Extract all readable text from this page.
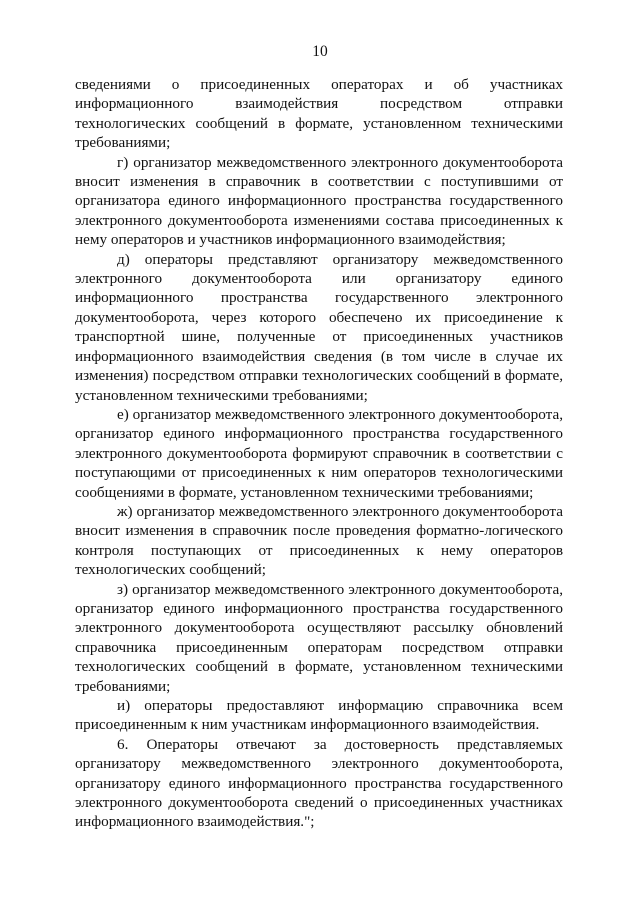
10

сведениями о присоединенных операторах и об участниках информационного взаимодействия посредством отправки технологических сообщений в формате, установленном техническими требованиями;

г) организатор межведомственного электронного документооборота вносит изменения в справочник в соответствии с поступившими от организатора единого информационного пространства государственного электронного документооборота изменениями состава присоединенных к нему операторов и участников информационного взаимодействия;

д) операторы представляют организатору межведомственного электронного документооборота или организатору единого информационного пространства государственного электронного документооборота, через которого обеспечено их присоединение к транспортной шине, полученные от присоединенных участников информационного взаимодействия сведения (в том числе в случае их изменения) посредством отправки технологических сообщений в формате, установленном техническими требованиями;

е) организатор межведомственного электронного документооборота, организатор единого информационного пространства государственного электронного документооборота формируют справочник в соответствии с поступающими от присоединенных к ним операторов технологическими сообщениями в формате, установленном техническими требованиями;

ж) организатор межведомственного электронного документооборота вносит изменения в справочник после проведения форматно-логического контроля поступающих от присоединенных к нему операторов технологических сообщений;

з) организатор межведомственного электронного документооборота, организатор единого информационного пространства государственного электронного документооборота осуществляют рассылку обновлений справочника присоединенным операторам посредством отправки технологических сообщений в формате, установленном техническими требованиями;

и) операторы предоставляют информацию справочника всем присоединенным к ним участникам информационного взаимодействия.

6. Операторы отвечают за достоверность представляемых организатору межведомственного электронного документооборота, организатору единого информационного пространства государственного электронного документооборота сведений о присоединенных участниках информационного взаимодействия.";
